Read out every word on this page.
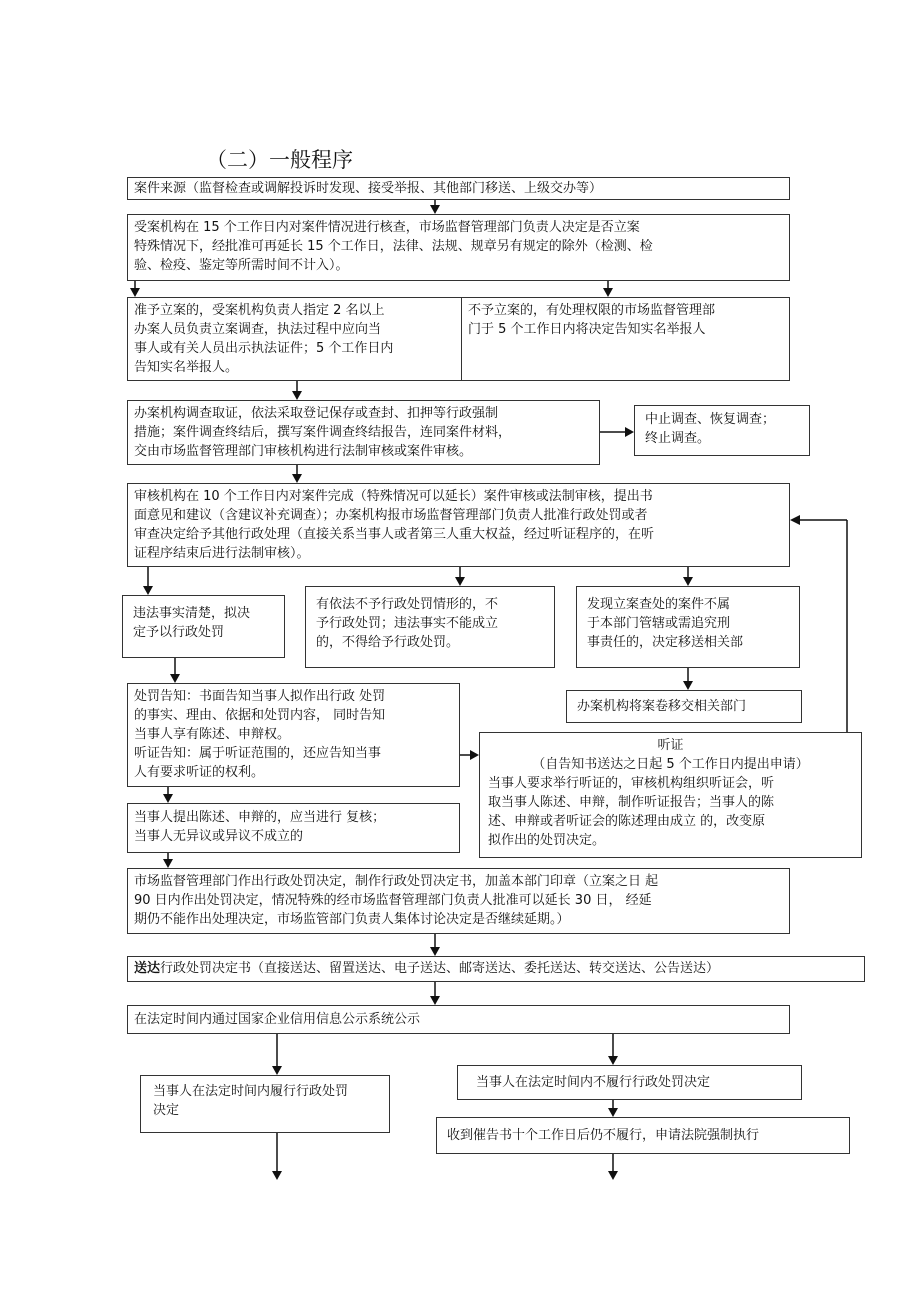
（二）一般程序
案件来源（监督检查或调解投诉时发现、接受举报、其他部门移送、上级交办等）
受案机构在 15 个工作日内对案件情况进行核查，市场监督管理部门负责人决定是否立案
特殊情况下，经批准可再延长 15 个工作日，法律、法规、规章另有规定的除外（检测、检
验、检疫、鉴定等所需时间不计入）。
准予立案的，受案机构负责人指定 2 名以上
办案人员负责立案调查，执法过程中应向当
事人或有关人员出示执法证件；5 个工作日内
告知实名举报人。
不予立案的，有处理权限的市场监督管理部
门于 5 个工作日内将决定告知实名举报人
办案机构调查取证，依法采取登记保存或查封、扣押等行政强制
措施；案件调查终结后，撰写案件调查终结报告，连同案件材料，
交由市场监督管理部门审核机构进行法制审核或案件审核。
中止调查、恢复调查；
终止调查。
审核机构在 10 个工作日内对案件完成（特殊情况可以延长）案件审核或法制审核，提出书
面意见和建议（含建议补充调查）；办案机构报市场监督管理部门负责人批准行政处罚或者
审查决定给予其他行政处理（直接关系当事人或者第三人重大权益，经过听证程序的，在听
证程序结束后进行法制审核）。
违法事实清楚，拟决
定予以行政处罚
有依法不予行政处罚情形的，不
予行政处罚；违法事实不能成立
的，不得给予行政处罚。
发现立案查处的案件不属
于本部门管辖或需追究刑
事责任的，决定移送相关部
处罚告知：书面告知当事人拟作出行政 处罚
的事实、理由、依据和处罚内容， 同时告知
当事人享有陈述、申辩权。
听证告知：属于听证范围的，还应告知当事
人有要求听证的权利。
办案机构将案卷移交相关部门
听证
（自告知书送达之日起 5 个工作日内提出申请）
当事人要求举行听证的，审核机构组织听证会，听
取当事人陈述、申辩，制作听证报告；当事人的陈
述、申辩或者听证会的陈述理由成立 的，改变原
拟作出的处罚决定。
当事人提出陈述、申辩的，应当进行 复核；
当事人无异议或异议不成立的
市场监督管理部门作出行政处罚决定，制作行政处罚决定书，加盖本部门印章（立案之日 起
90 日内作出处罚决定，情况特殊的经市场监督管理部门负责人批准可以延长 30 日， 经延
期仍不能作出处理决定，市场监管部门负责人集体讨论决定是否继续延期。）
送达行政处罚决定书（直接送达、留置送达、电子送达、邮寄送达、委托送达、转交送达、公告送达）
在法定时间内通过国家企业信用信息公示系统公示
当事人在法定时间内履行行政处罚
决定
当事人在法定时间内不履行行政处罚决定
收到催告书十个工作日后仍不履行，申请法院强制执行
